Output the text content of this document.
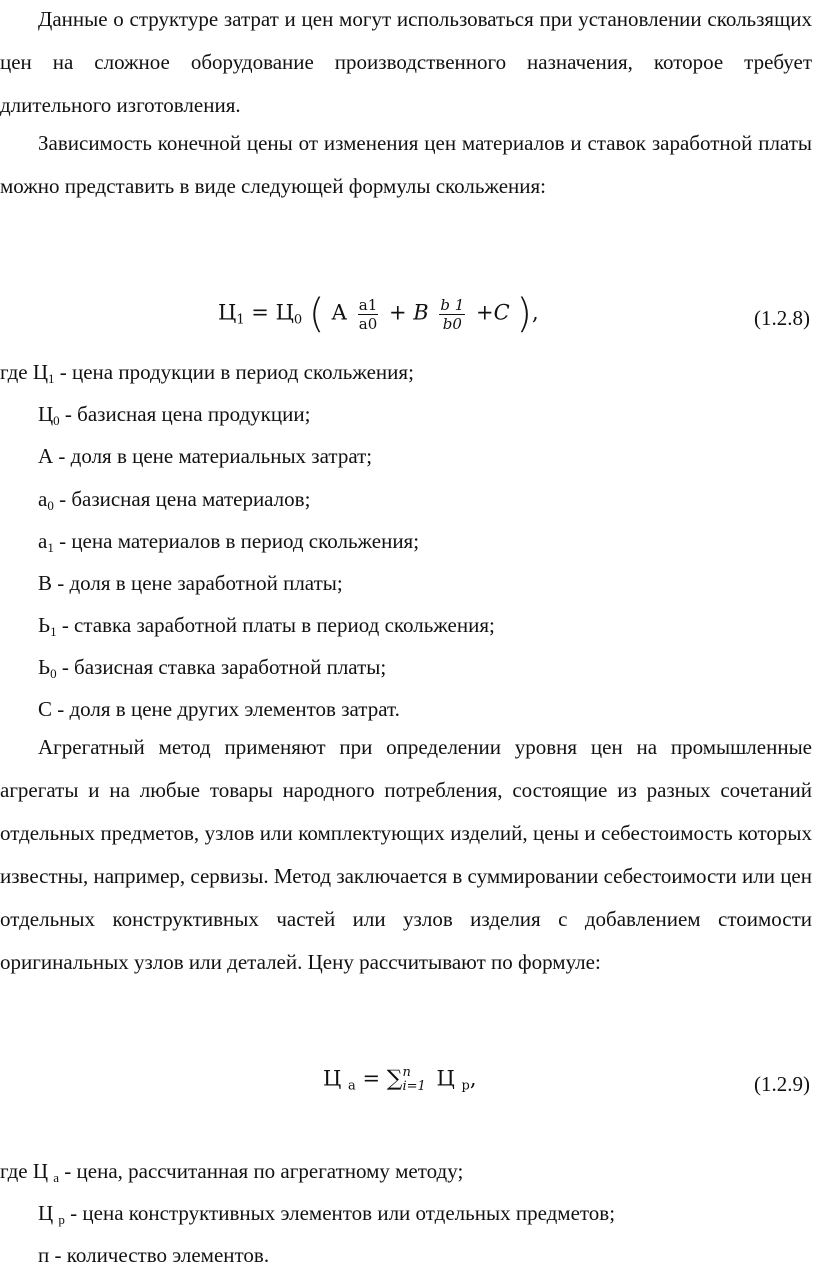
Данные о структуре затрат и цен могут использоваться при установлении скользящих цен на сложное оборудование производственного назначения, которое требует длительного изготовления.

Зависимость конечной цены от изменения цен материалов и ставок заработной платы можно представить в виде следующей формулы скольжения:

$Ц_1 = Ц_0$ ( А $\frac{a1}{a0} + B \frac{b 1}{b0} +C$ ),	(1.2.8)
где $Ц_1$ - цена продукции в период скольжения;
$Ц_0$ - базисная цена продукции;
А - доля в цене материальных затрат;
$а_0$ - базисная цена материалов;
$а_1$ - цена материалов в период скольжения;
В - доля в цене заработной платы;
$Ь_1$ - ставка заработной платы в период скольжения;
$Ь_0$ - базисная ставка заработной платы;
С - доля в цене других элементов затрат.

Агрегатный метод применяют при определении уровня цен на промышленные агрегаты и на любые товары народного потребления, состоящие из разных сочетаний отдельных предметов, узлов или комплектующих изделий, цены и себестоимость которых известны, например, сервизы. Метод заключается в суммировании себестоимости или цен отдельных конструктивных частей или узлов изделия с добавлением стоимости оригинальных узлов или деталей. Цену рассчитывают по формуле:

Ц $_а$ = ∑ n
i=1 Ц $_р$,	(1.2.9)
где Ц $_а$ - цена, рассчитанная по агрегатному методу;
Ц $_р$ - цена конструктивных элементов или отдельных предметов;
п - количество элементов.
